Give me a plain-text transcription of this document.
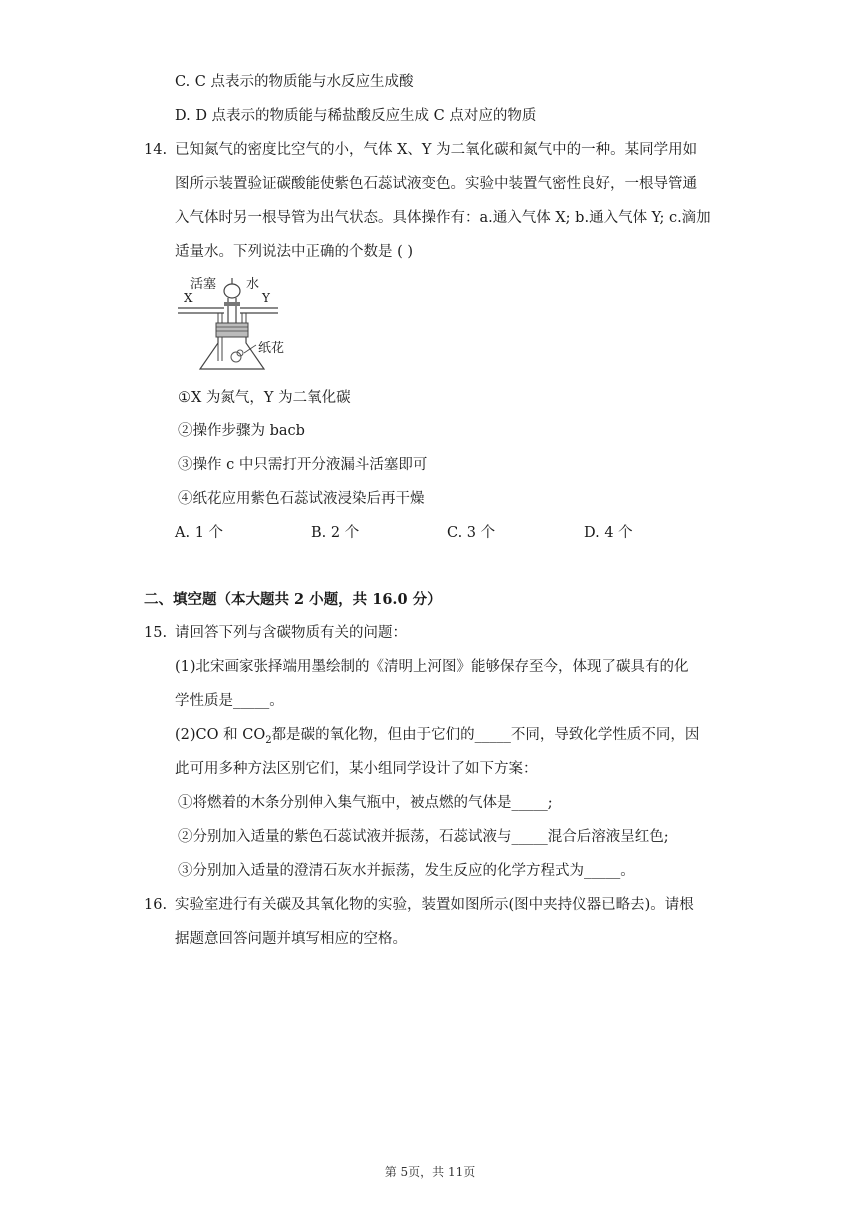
C. C 点表示的物质能与水反应生成酸
D. D 点表示的物质能与稀盐酸反应生成 C 点对应的物质
14. 已知氮气的密度比空气的小，气体 X、Y 为二氧化碳和氮气中的一种。某同学用如
图所示装置验证碳酸能使紫色石蕊试液变色。实验中装置气密性良好，一根导管通
入气体时另一根导管为出气状态。具体操作有：a.通入气体 X; b.通入气体 Y; c.滴加
适量水。下列说法中正确的个数是 ( )
活塞 水
X	Y
纸花
①X 为氮气，Y 为二氧化碳
②操作步骤为 bacb
③操作 c 中只需打开分液漏斗活塞即可
④纸花应用紫色石蕊试液浸染后再干燥
A. 1 个	B. 2 个	C. 3 个	D. 4 个
二、填空题（本大题共 2 小题，共 16.0 分）
15. 请回答下列与含碳物质有关的问题：
(1)北宋画家张择端用墨绘制的《清明上河图》能够保存至今，体现了碳具有的化
学性质是_____。
(2)CO 和 $CO_2$都是碳的氧化物，但由于它们的_____不同，导致化学性质不同，因
此可用多种方法区别它们，某小组同学设计了如下方案：
①将燃着的木条分别伸入集气瓶中，被点燃的气体是_____;
②分别加入适量的紫色石蕊试液并振荡，石蕊试液与_____混合后溶液呈红色;
③分别加入适量的澄清石灰水并振荡，发生反应的化学方程式为_____。
16. 实验室进行有关碳及其氧化物的实验，装置如图所示(图中夹持仪器已略去)。请根
据题意回答问题并填写相应的空格。
第 5页，共 11页
